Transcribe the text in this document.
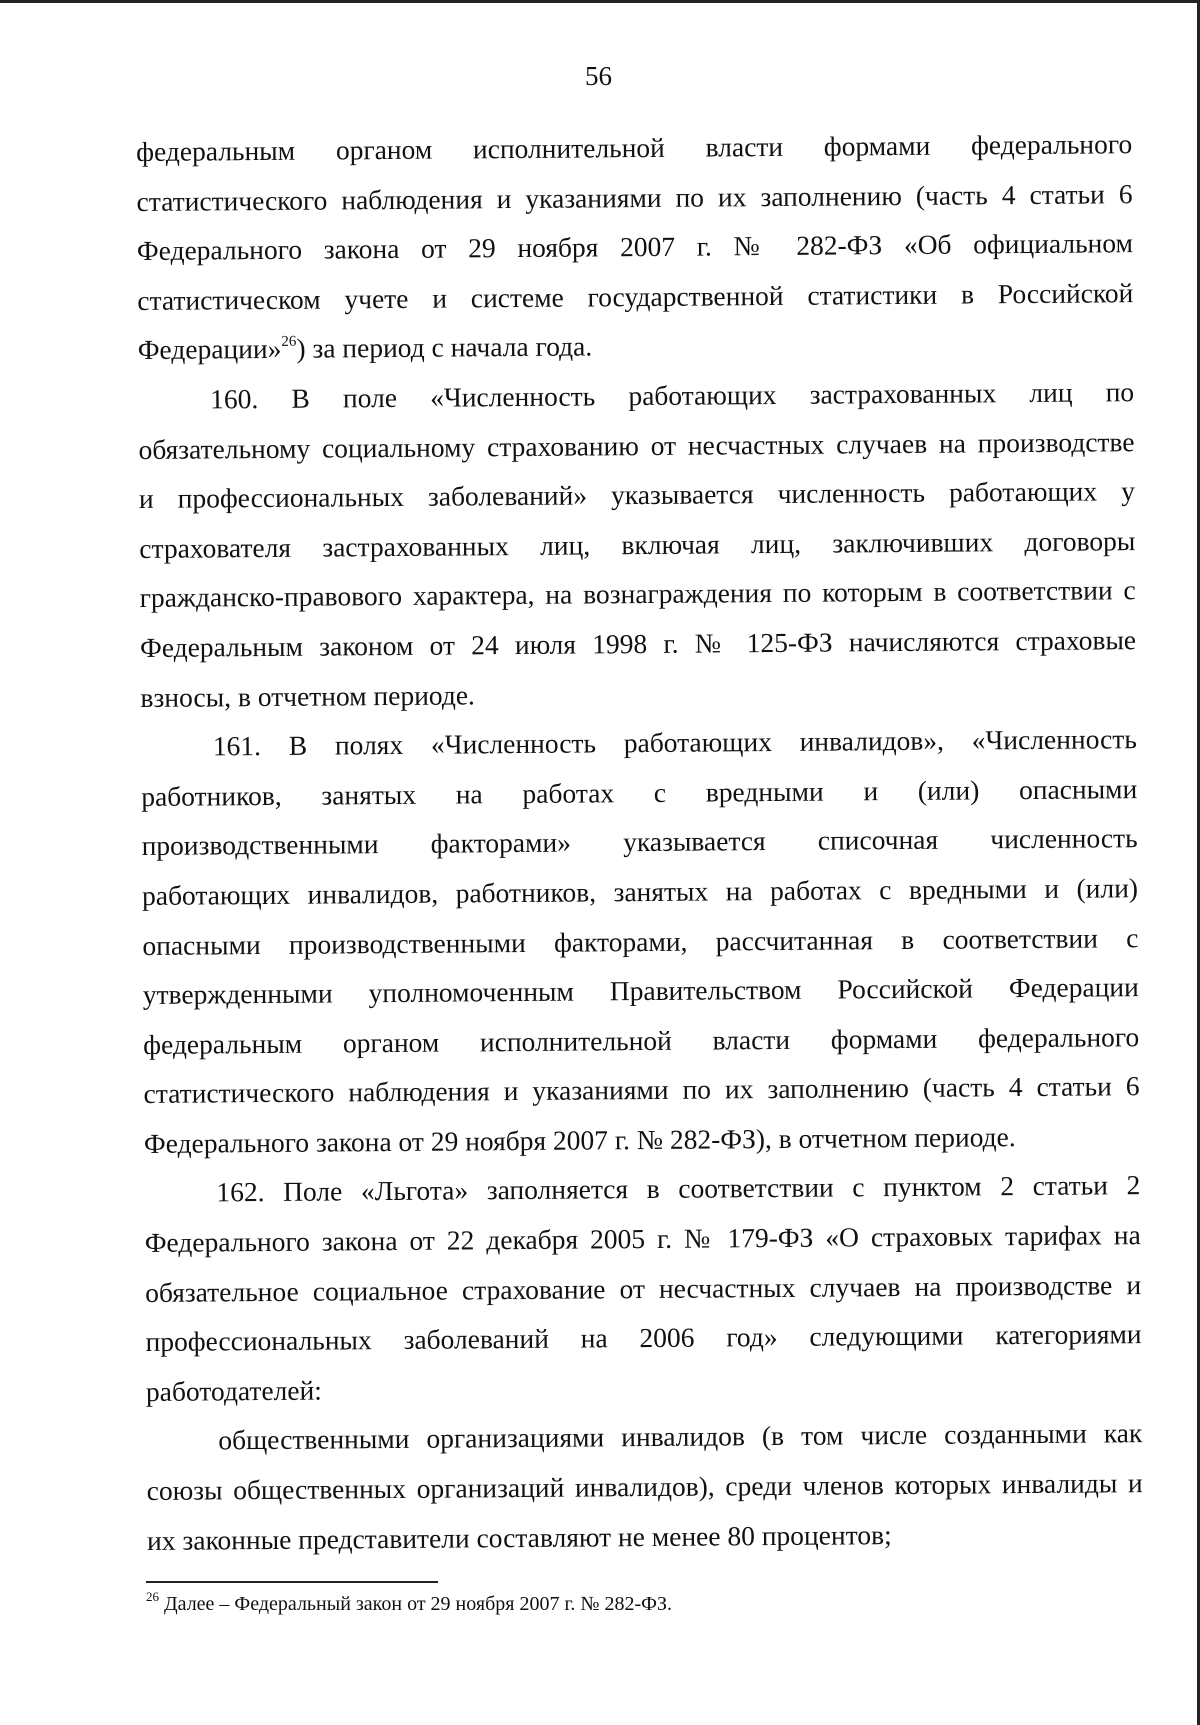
56
федеральным органом исполнительной власти формами федерального
статистического наблюдения и указаниями по их заполнению (часть 4 статьи 6
Федерального закона от 29 ноября 2007 г. № 282-ФЗ «Об официальном
статистическом учете и системе государственной статистики в Российской
Федерации»$^{26}$) за период с начала года.
160. В поле «Численность работающих застрахованных лиц по
обязательному социальному страхованию от несчастных случаев на производстве
и профессиональных заболеваний» указывается численность работающих у
страхователя застрахованных лиц, включая лиц, заключивших договоры
гражданско-правового характера, на вознаграждения по которым в соответствии с
Федеральным законом от 24 июля 1998 г. № 125-ФЗ начисляются страховые
взносы, в отчетном периоде.
161. В полях «Численность работающих инвалидов», «Численность
работников, занятых на работах с вредными и (или) опасными
производственными факторами» указывается списочная численность
работающих инвалидов, работников, занятых на работах с вредными и (или)
опасными производственными факторами, рассчитанная в соответствии с
утвержденными уполномоченным Правительством Российской Федерации
федеральным органом исполнительной власти формами федерального
статистического наблюдения и указаниями по их заполнению (часть 4 статьи 6
Федерального закона от 29 ноября 2007 г. № 282-ФЗ), в отчетном периоде.
162. Поле «Льгота» заполняется в соответствии с пунктом 2 статьи 2
Федерального закона от 22 декабря 2005 г. № 179-ФЗ «О страховых тарифах на
обязательное социальное страхование от несчастных случаев на производстве и
профессиональных заболеваний на 2006 год» следующими категориями
работодателей:
общественными организациями инвалидов (в том числе созданными как
союзы общественных организаций инвалидов), среди членов которых инвалиды и
их законные представители составляют не менее 80 процентов;
$^{26}$ Далее – Федеральный закон от 29 ноября 2007 г. № 282-ФЗ.
